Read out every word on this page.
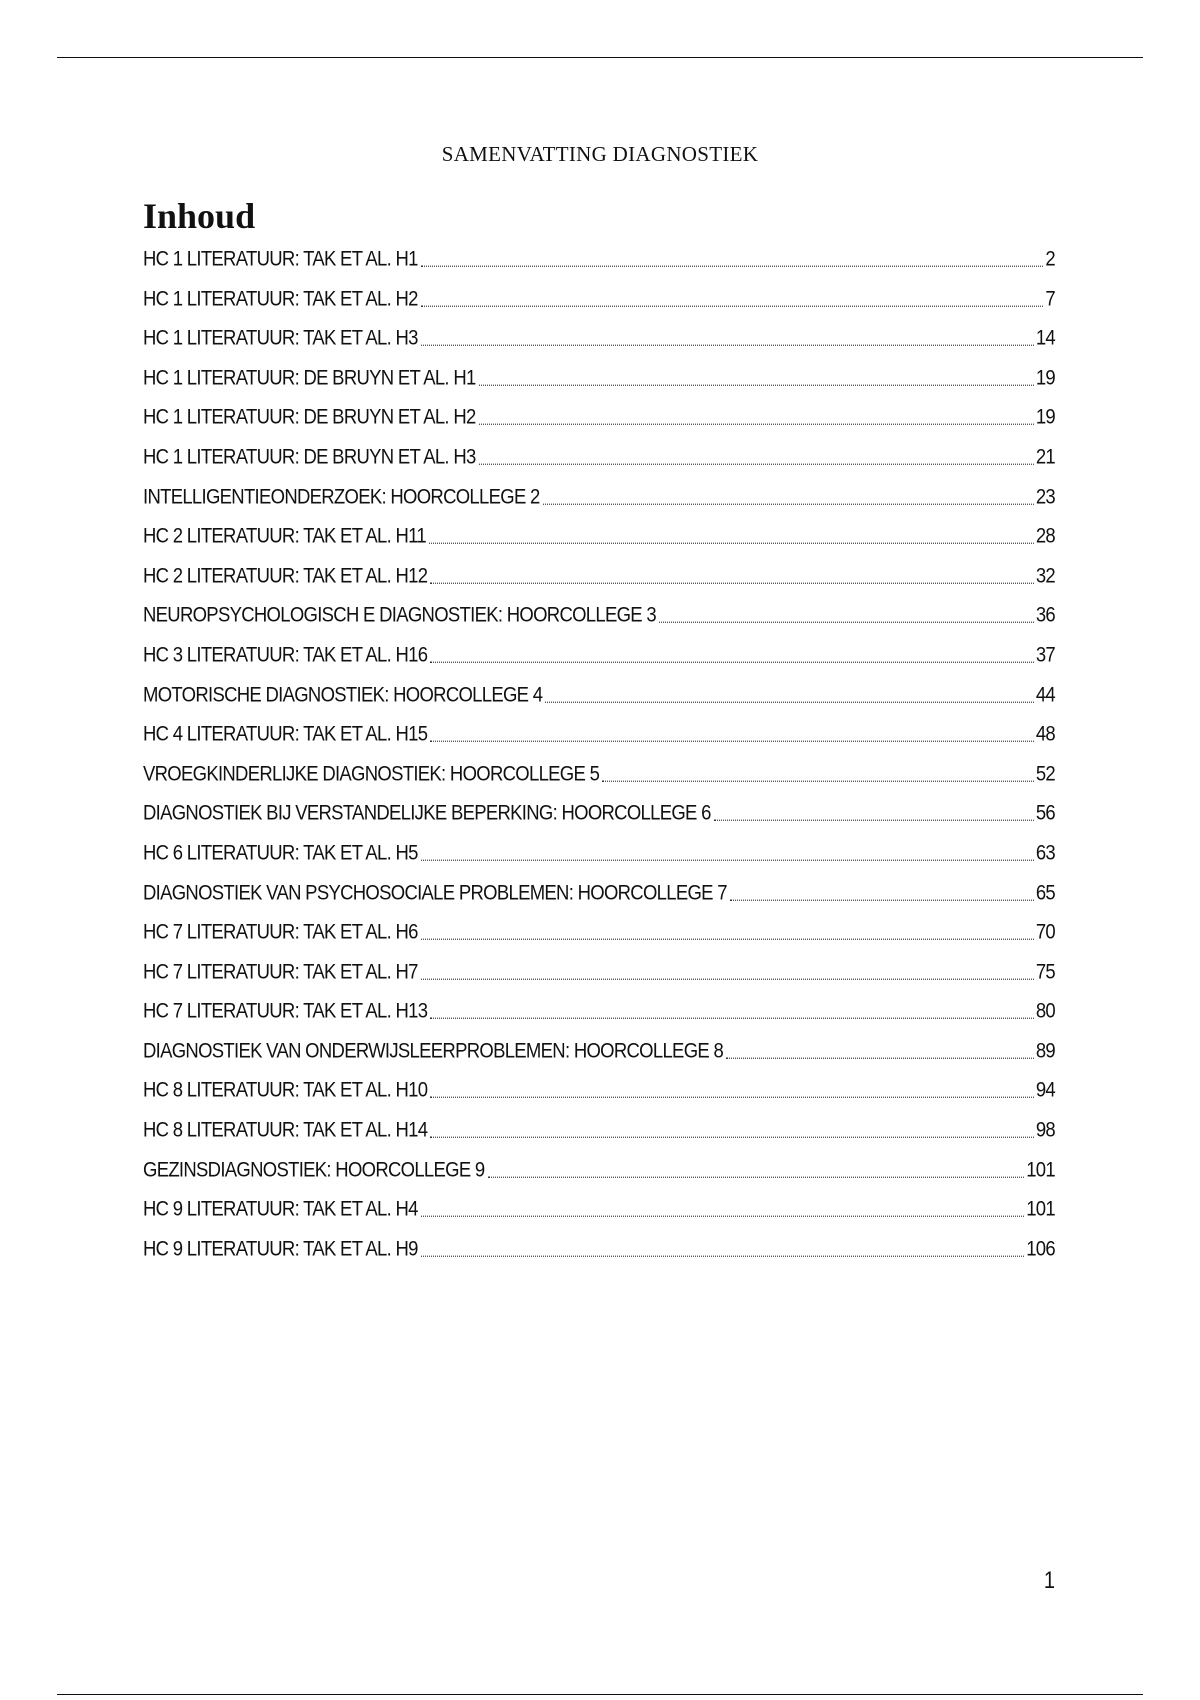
SAMENVATTING DIAGNOSTIEK
Inhoud
HC 1 LITERATUUR: TAK ET AL. H1	2
HC 1 LITERATUUR: TAK ET AL. H2	7
HC 1 LITERATUUR: TAK ET AL. H3	14
HC 1 LITERATUUR: DE BRUYN ET AL. H1	19
HC 1 LITERATUUR: DE BRUYN ET AL. H2	19
HC 1 LITERATUUR: DE BRUYN ET AL. H3	21
INTELLIGENTIEONDERZOEK: HOORCOLLEGE 2	23
HC 2 LITERATUUR: TAK ET AL. H11	28
HC 2 LITERATUUR: TAK ET AL. H12	32
NEUROPSYCHOLOGISCH E DIAGNOSTIEK: HOORCOLLEGE 3	36
HC 3 LITERATUUR: TAK ET AL. H16	37
MOTORISCHE DIAGNOSTIEK: HOORCOLLEGE 4	44
HC 4 LITERATUUR: TAK ET AL. H15	48
VROEGKINDERLIJKE DIAGNOSTIEK: HOORCOLLEGE 5	52
DIAGNOSTIEK BIJ VERSTANDELIJKE BEPERKING: HOORCOLLEGE 6	56
HC 6 LITERATUUR: TAK ET AL. H5	63
DIAGNOSTIEK VAN PSYCHOSOCIALE PROBLEMEN: HOORCOLLEGE 7	65
HC 7 LITERATUUR: TAK ET AL. H6	70
HC 7 LITERATUUR: TAK ET AL. H7	75
HC 7 LITERATUUR: TAK ET AL. H13	80
DIAGNOSTIEK VAN ONDERWIJSLEERPROBLEMEN: HOORCOLLEGE 8	89
HC 8 LITERATUUR: TAK ET AL. H10	94
HC 8 LITERATUUR: TAK ET AL. H14	98
GEZINSDIAGNOSTIEK: HOORCOLLEGE 9	101
HC 9 LITERATUUR: TAK ET AL. H4	101
HC 9 LITERATUUR: TAK ET AL. H9	106
1
